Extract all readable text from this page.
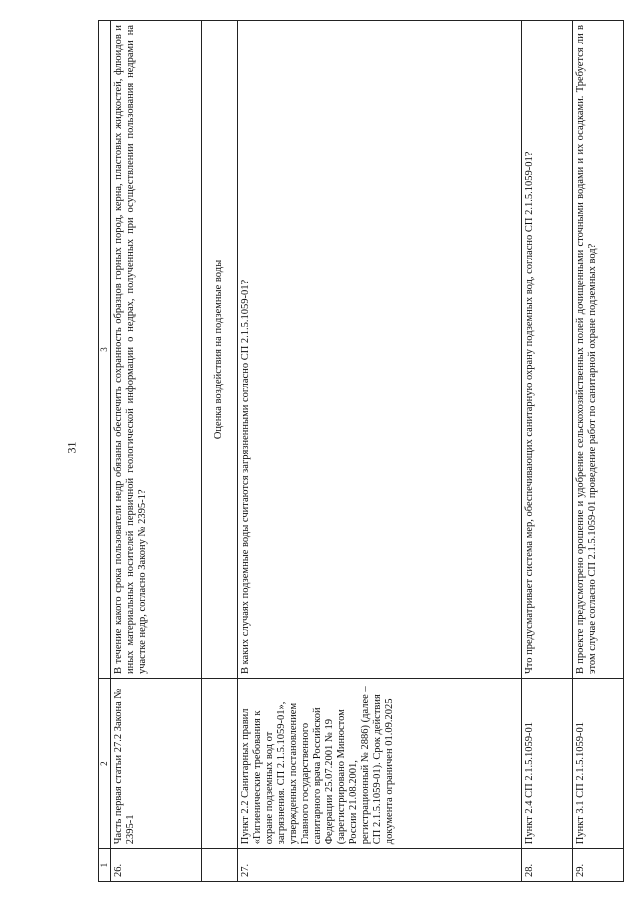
31
1	2	3
26.	Часть первая статьи 27.2 Закона № 2395-1	В течение какого срока пользователи недр обязаны обеспечить сохранность образцов горных пород, керна, пластовых жидкостей, флюидов и иных материальных носителей первичной геологической информации о недрах, полученных при осуществлении пользования недрами на участке недр, согласно Закону № 2395-1?
		Оценка воздействия на подземные воды
27.	Пункт 2.2 Санитарных правил «Гигиенические требования к охране подземных вод от загрязнения. СП 2.1.5.1059-01», утвержденных постановлением Главного государственного санитарного врача Российской Федерации 25.07.2001 № 19 (зарегистрировано Минюстом России 21.08.2001, регистрационный № 2886) (далее – СП 2.1.5.1059-01). Срок действия документа ограничен 01.09.2025	В каких случаях подземные воды считаются загрязненными согласно СП 2.1.5.1059-01?
28.	Пункт 2.4 СП 2.1.5.1059-01	Что предусматривает система мер, обеспечивающих санитарную охрану подземных вод, согласно СП 2.1.5.1059-01?
29.	Пункт 3.1 СП 2.1.5.1059-01	В проекте предусмотрено орошение и удобрение сельскохозяйственных полей дочищенными сточными водами и их осадками. Требуется ли в этом случае согласно СП 2.1.5.1059-01 проведение работ по санитарной охране подземных вод?
